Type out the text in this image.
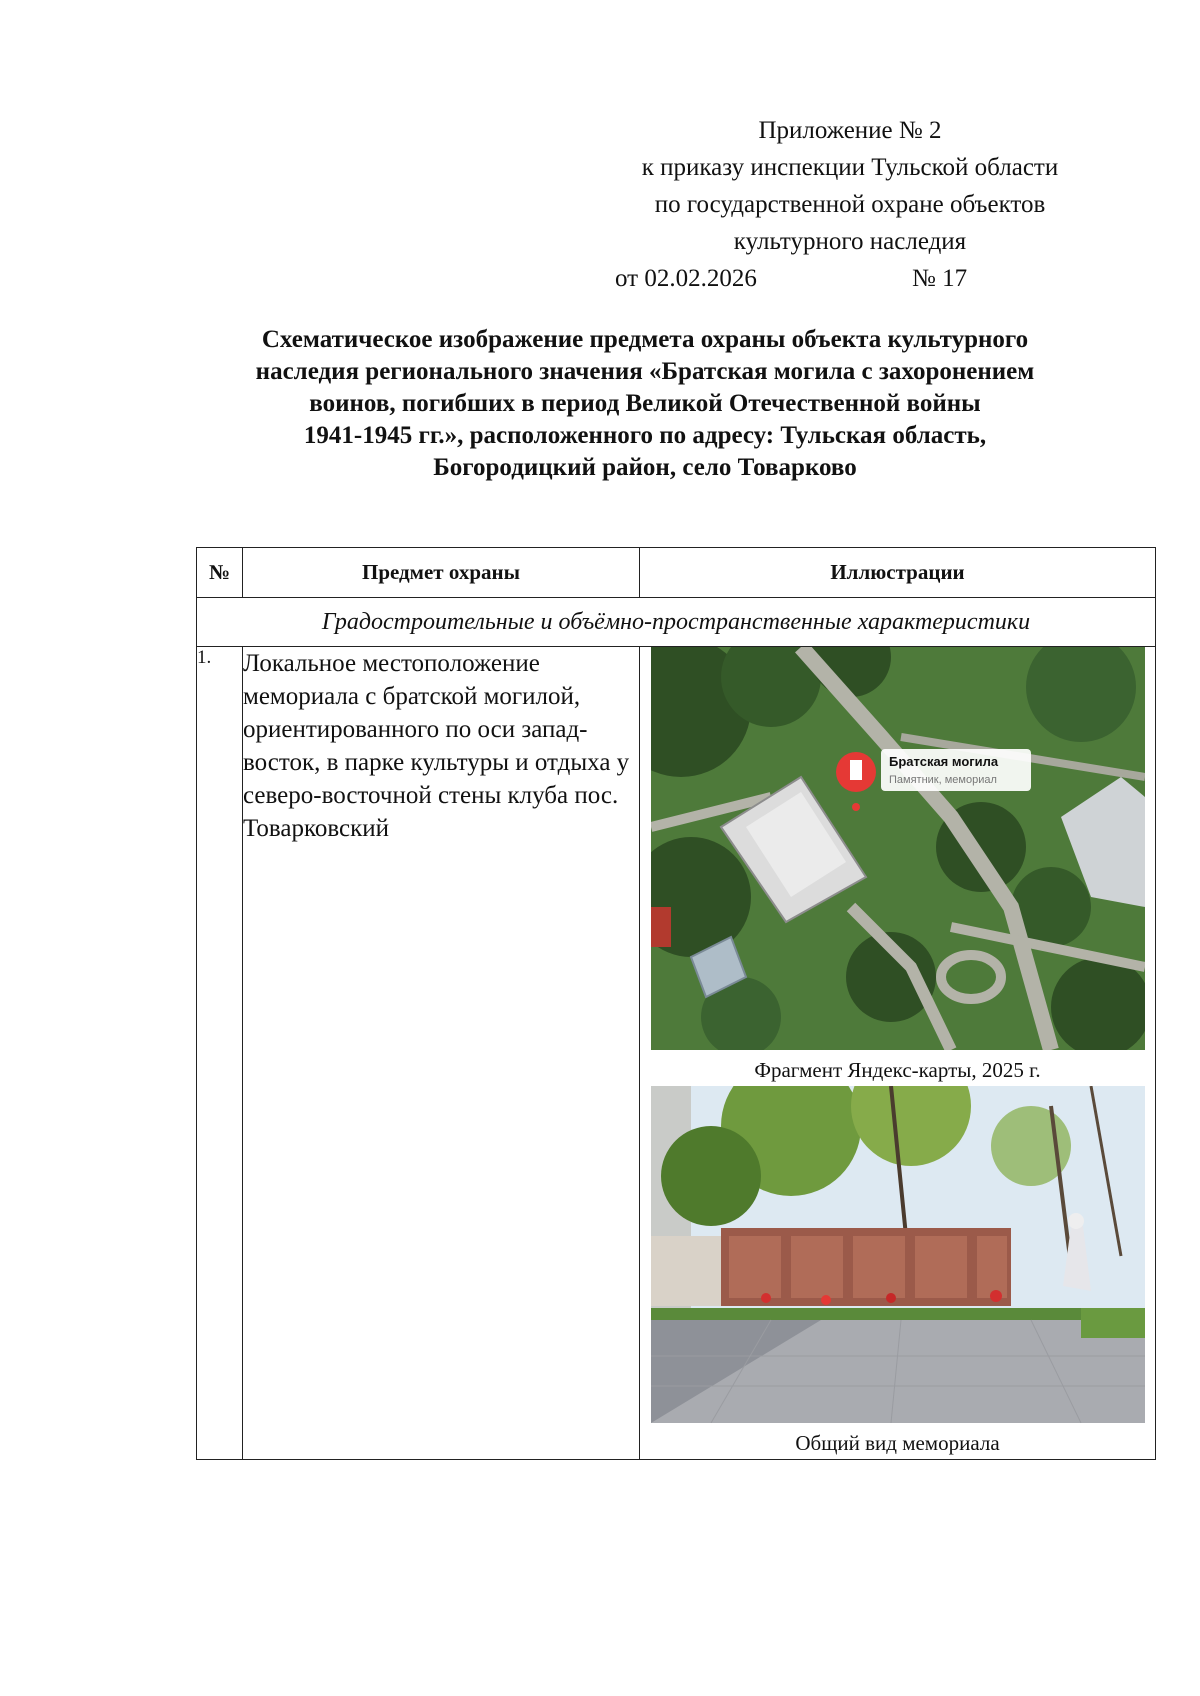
Приложение № 2
к приказу инспекции Тульской области
по государственной охране объектов
культурного наследия
от 02.02.2026	№ 17
Схематическое изображение предмета охраны объекта культурного
наследия регионального значения «Братская могила с захоронением
воинов, погибших в период Великой Отечественной войны
1941-1945 гг.», расположенного по адресу: Тульская область,
Богородицкий район, село Товарково
№	Предмет охраны	Иллюстрации
Градостроительные и объёмно-пространственные характеристики		
1.	Локальное местоположение мемориала с братской могилой, ориентированного по оси запад-восток, в парке культуры и отдыха у северо-восточной стены клуба пос. Товарковский	Братская могила
Памятник, мемориал
Фрагмент Яндекс-карты, 2025 г.
Общий вид мемориала
